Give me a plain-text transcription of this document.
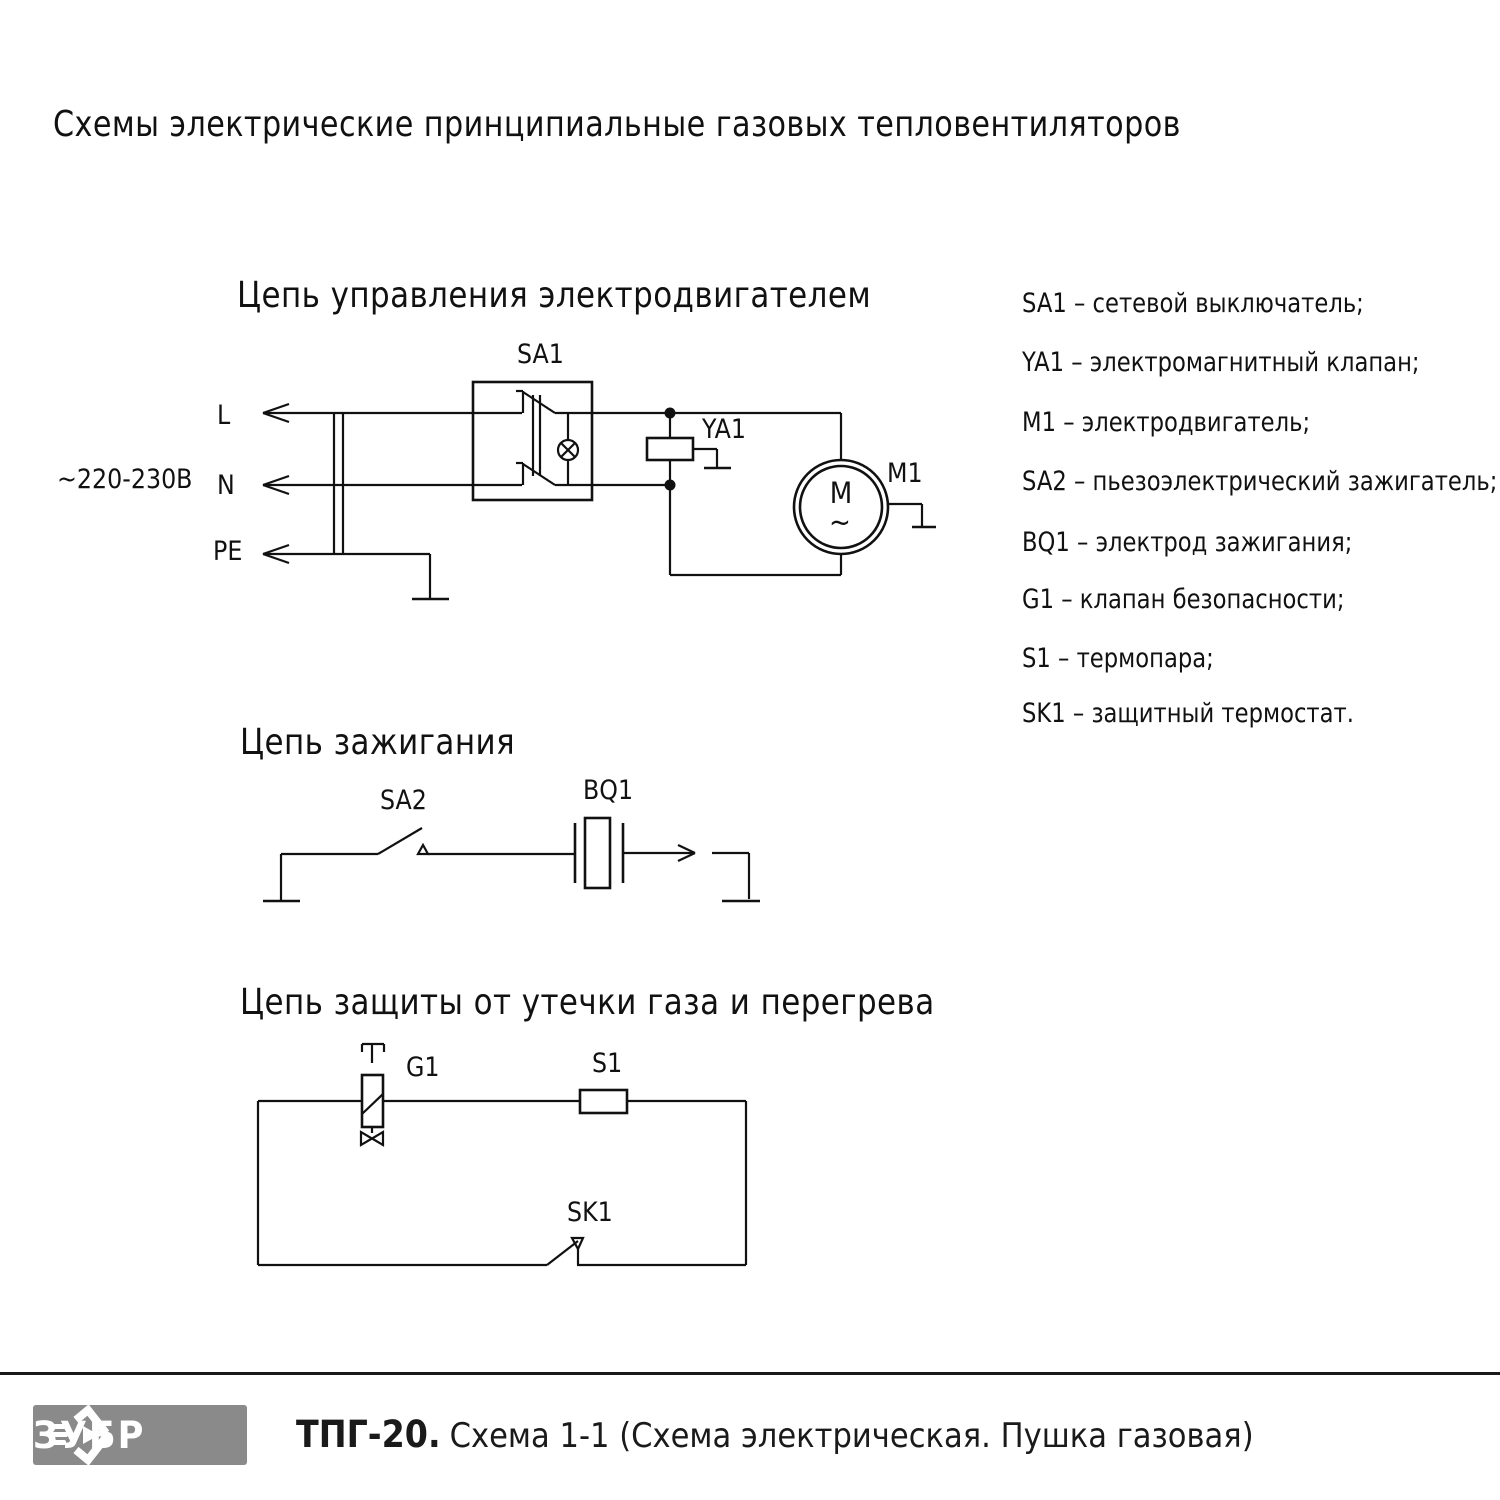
Схемы электрические принципиальные газовых тепловентиляторов
Цепь управления электродвигателем
~220-230В
L
N
PE
SA1
YA1
M1
M
~
SA1 – сетевой выключатель;
YA1 – электромагнитный клапан;
M1 – электродвигатель;
SA2 – пьезоэлектрический зажигатель;
BQ1 – электрод зажигания;
G1 – клапан безопасности;
S1 – термопара;
SK1 – защитный термостат.
Цепь зажигания
SA2	BQ1
Цепь защиты от утечки газа и перегрева
G1	S1
SK1
ЗУБР	ТПГ-20. Схема 1-1 (Схема электрическая. Пушка газовая)
